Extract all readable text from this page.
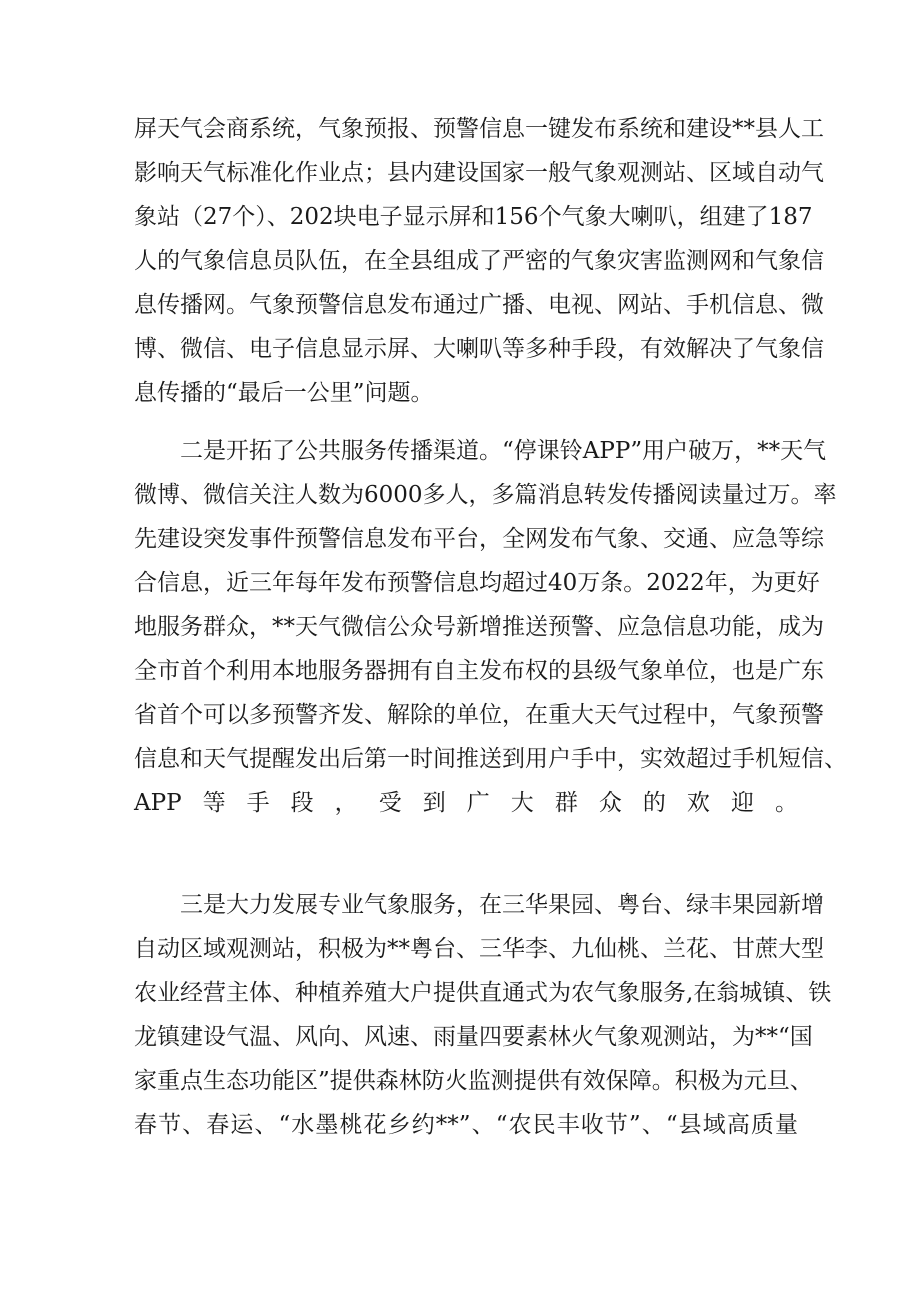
屏天气会商系统，气象预报、预警信息一键发布系统和建设**县人工
影响天气标准化作业点；县内建设国家一般气象观测站、区域自动气
象站（27个）、202块电子显示屏和156个气象大喇叭，组建了187
人的气象信息员队伍，在全县组成了严密的气象灾害监测网和气象信
息传播网。气象预警信息发布通过广播、电视、网站、手机信息、微
博、微信、电子信息显示屏、大喇叭等多种手段，有效解决了气象信
息传播的“最后一公里”问题。
二是开拓了公共服务传播渠道。“停课铃APP”用户破万，**天气
微博、微信关注人数为6000多人，多篇消息转发传播阅读量过万。率
先建设突发事件预警信息发布平台，全网发布气象、交通、应急等综
合信息，近三年每年发布预警信息均超过40万条。2022年，为更好
地服务群众，**天气微信公众号新增推送预警、应急信息功能，成为
全市首个利用本地服务器拥有自主发布权的县级气象单位，也是广东
省首个可以多预警齐发、解除的单位，在重大天气过程中，气象预警
信息和天气提醒发出后第一时间推送到用户手中，实效超过手机短信、
APP等手段，受到广大群众的欢迎。
三是大力发展专业气象服务，在三华果园、粤台、绿丰果园新增
自动区域观测站，积极为**粤台、三华李、九仙桃、兰花、甘蔗大型
农业经营主体、种植养殖大户提供直通式为农气象服务,在翁城镇、铁
龙镇建设气温、风向、风速、雨量四要素林火气象观测站，为**“国
家重点生态功能区”提供森林防火监测提供有效保障。积极为元旦、
春节、春运、“水墨桃花乡约**”、“农民丰收节”、“县域高质量
